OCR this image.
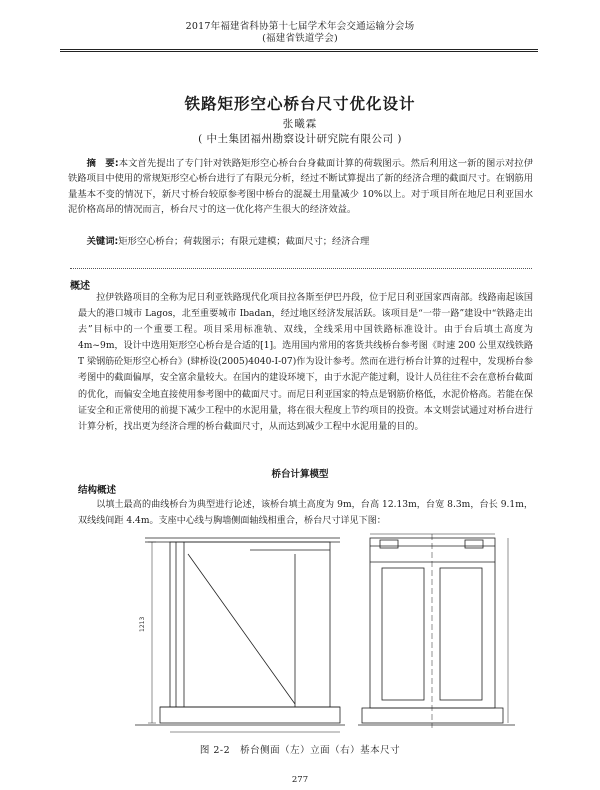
2017年福建省科协第十七届学术年会交通运输分会场
(福建省铁道学会)
铁路矩形空心桥台尺寸优化设计
张曦霖
( 中土集团福州勘察设计研究院有限公司 )

摘　要:本文首先提出了专门针对铁路矩形空心桥台台身截面计算的荷载图示。然后利用这一新的图示对拉伊铁路项目中使用的常规矩形空心桥台进行了有限元分析，经过不断试算提出了新的经济合理的截面尺寸。在钢筋用量基本不变的情况下，新尺寸桥台较原参考图中桥台的混凝土用量减少 10%以上。对于项目所在地尼日利亚国水泥价格高昂的情况而言，桥台尺寸的这一优化将产生很大的经济效益。

　　关键词:矩形空心桥台；荷载图示；有限元建模；截面尺寸；经济合理

概述

拉伊铁路项目的全称为尼日利亚铁路现代化项目拉各斯至伊巴丹段，位于尼日利亚国家西南部。线路南起该国最大的港口城市 Lagos，北至重要城市 Ibadan，经过地区经济发展活跃。该项目是“一带一路”建设中“铁路走出去”目标中的一个重要工程。项目采用标准轨、双线，全线采用中国铁路标准设计。由于台后填土高度为 4m~9m，设计中选用矩形空心桥台是合适的[1]。选用国内常用的客货共线桥台参考图《时速 200 公里双线铁路 T 梁钢筋砼矩形空心桥台》(肆桥设(2005)4040-Ⅰ-07)作为设计参考。然而在进行桥台计算的过程中，发现桥台参考图中的截面偏厚，安全富余量较大。在国内的建设环境下，由于水泥产能过剩，设计人员往往不会在意桥台截面的优化，而偏安全地直接使用参考图中的截面尺寸。而尼日利亚国家的特点是钢筋价格低，水泥价格高。若能在保证安全和正常使用的前提下减少工程中的水泥用量，将在很大程度上节约项目的投资。本文则尝试通过对桥台进行计算分析，找出更为经济合理的桥台截面尺寸，从而达到减少工程中水泥用量的目的。

桥台计算模型
结构概述

以填土最高的曲线桥台为典型进行论述，该桥台填土高度为 9m，台高 12.13m，台宽 8.3m，台长 9.1m，双线线间距 4.4m。支座中心线与胸墙侧面轴线相重合，桥台尺寸详见下图：

1213
图 2-2　桥台侧面（左）立面（右）基本尺寸
277
